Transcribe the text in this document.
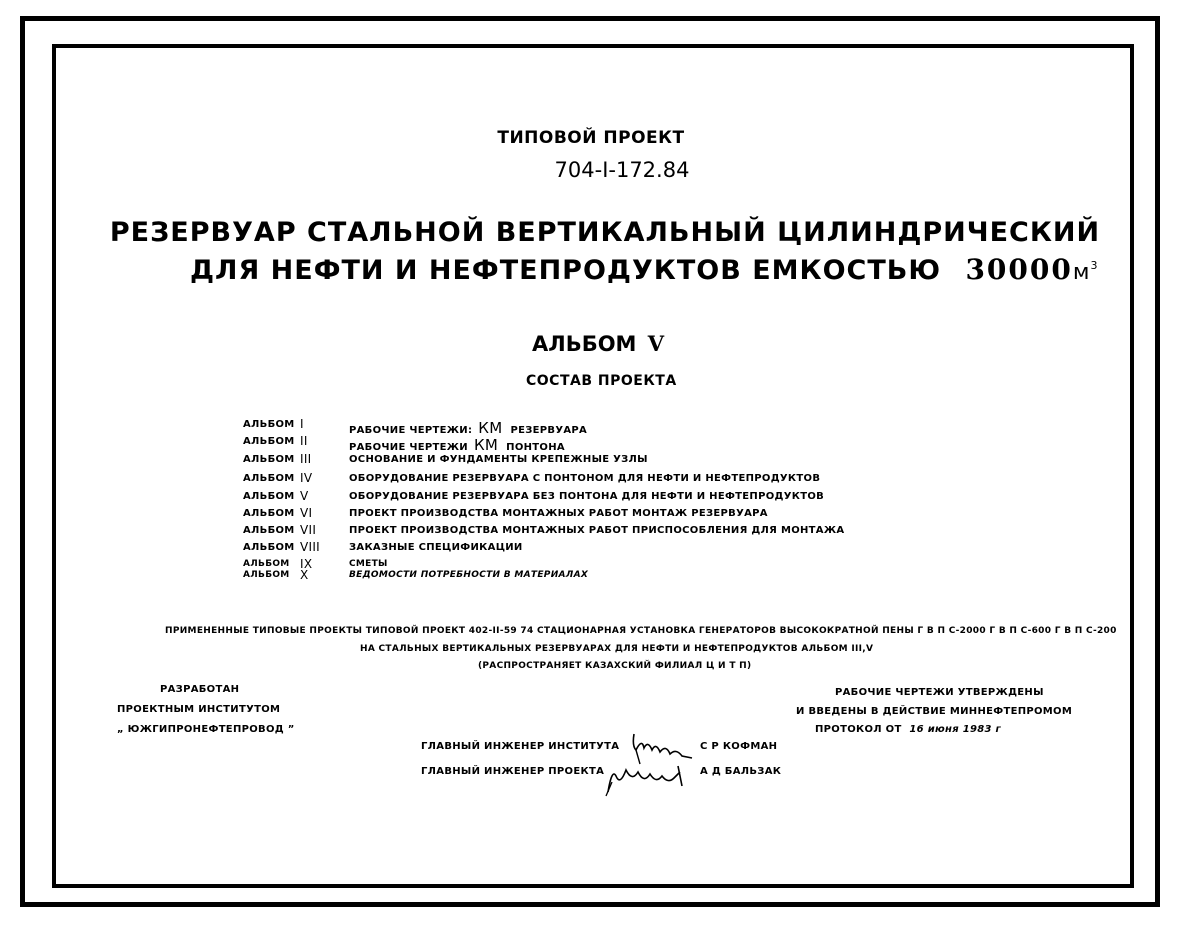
ТИПОВОЙ ПРОЕКТ
704-I-172.84
РЕЗЕРВУАР СТАЛЬНОЙ ВЕРТИКАЛЬНЫЙ ЦИЛИНДРИЧЕСКИЙ
ДЛЯ НЕФТИ И НЕФТЕПРОДУКТОВ ЕМКОСТЬЮ $30000м^3$
АЛЬБОМ V
СОСТАВ ПРОЕКТА
АЛЬБОМ I	РАБОЧИЕ ЧЕРТЕЖИ: КМ РЕЗЕРВУАРА
АЛЬБОМ II	РАБОЧИЕ ЧЕРТЕЖИ КМ ПОНТОНА
АЛЬБОМ III	ОСНОВАНИЕ И ФУНДАМЕНТЫ КРЕПЕЖНЫЕ УЗЛЫ
АЛЬБОМ IV	ОБОРУДОВАНИЕ РЕЗЕРВУАРА С ПОНТОНОМ ДЛЯ НЕФТИ И НЕФТЕПРОДУКТОВ
АЛЬБОМ V	ОБОРУДОВАНИЕ РЕЗЕРВУАРА БЕЗ ПОНТОНА ДЛЯ НЕФТИ И НЕФТЕПРОДУКТОВ
АЛЬБОМ VI	ПРОЕКТ ПРОИЗВОДСТВА МОНТАЖНЫХ РАБОТ МОНТАЖ РЕЗЕРВУАРА
АЛЬБОМ VII	ПРОЕКТ ПРОИЗВОДСТВА МОНТАЖНЫХ РАБОТ ПРИСПОСОБЛЕНИЯ ДЛЯ МОНТАЖА
АЛЬБОМ VIII	ЗАКАЗНЫЕ СПЕЦИФИКАЦИИ
АЛЬБОМ IX	СМЕТЫ
АЛЬБОМ X	ВЕДОМОСТИ ПОТРЕБНОСТИ В МАТЕРИАЛАХ
ПРИМЕНЕННЫЕ ТИПОВЫЕ ПРОЕКТЫ ТИПОВОЙ ПРОЕКТ 402-II-59 74 СТАЦИОНАРНАЯ УСТАНОВКА ГЕНЕРАТОРОВ ВЫСОКОКРАТНОЙ ПЕНЫ Г В П С-2000 Г В П С-600 Г В П С-200
НА СТАЛЬНЫХ ВЕРТИКАЛЬНЫХ РЕЗЕРВУАРАХ ДЛЯ НЕФТИ И НЕФТЕПРОДУКТОВ АЛЬБОМ III,V
(РАСПРОСТРАНЯЕТ КАЗАХСКИЙ ФИЛИАЛ Ц И Т П)
РАЗРАБОТАН
ПРОЕКТНЫМ ИНСТИТУТОМ
„ ЮЖГИПРОНЕФТЕПРОВОД ”
РАБОЧИЕ ЧЕРТЕЖИ УТВЕРЖДЕНЫ
И ВВЕДЕНЫ В ДЕЙСТВИЕ МИННЕФТЕПРОМОМ
ПРОТОКОЛ ОТ 16 июня 1983 г
ГЛАВНЫЙ ИНЖЕНЕР ИНСТИТУТА	С Р КОФМАН
ГЛАВНЫЙ ИНЖЕНЕР ПРОЕКТА	А Д БАЛЬЗАК
